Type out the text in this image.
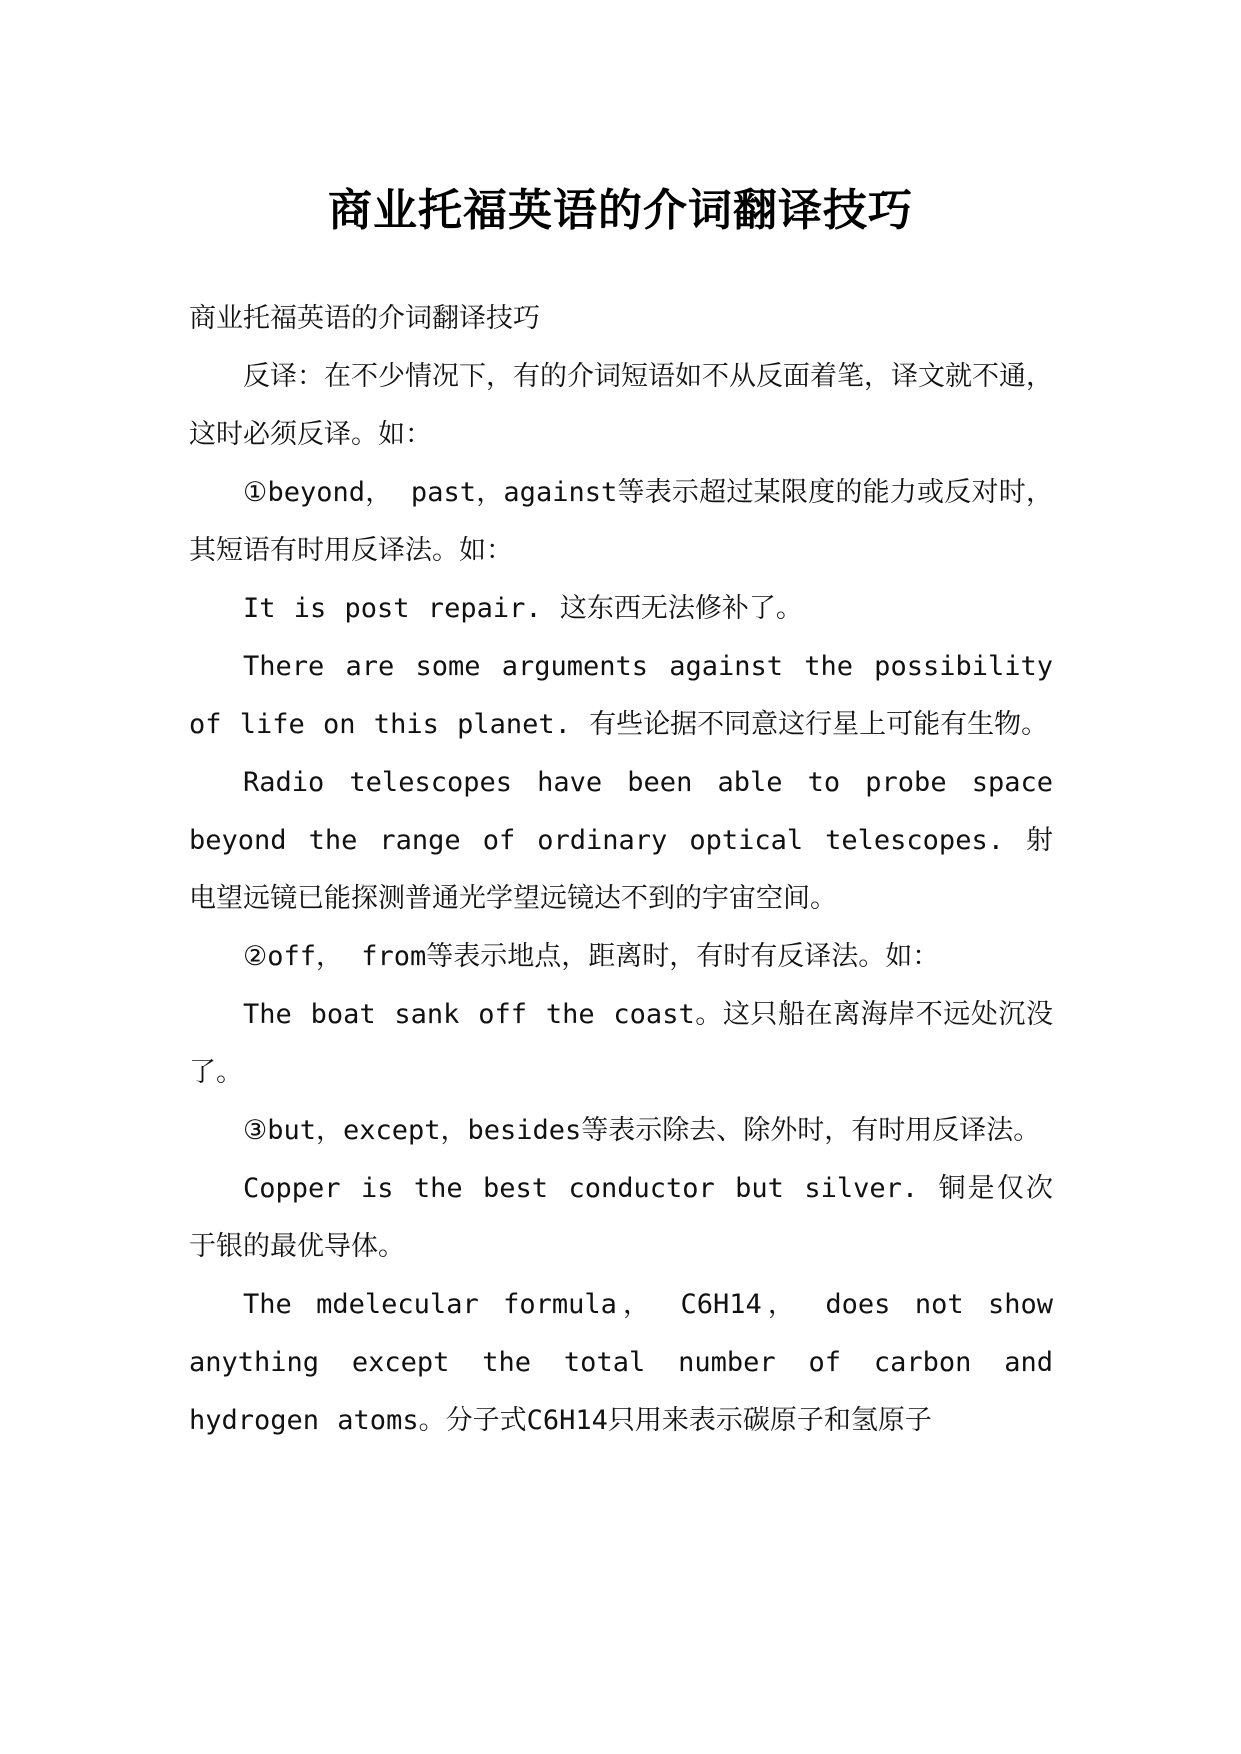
商业托福英语的介词翻译技巧

商业托福英语的介词翻译技巧

反译：在不少情况下，有的介词短语如不从反面着笔，译文就不通，这时必须反译。如：

①beyond， past，against等表示超过某限度的能力或反对时，其短语有时用反译法。如：

It is post repair. 这东西无法修补了。

There are some arguments against the possibility of life on this planet. 有些论据不同意这行星上可能有生物。

Radio telescopes have been able to probe space beyond the range of ordinary optical telescopes. 射电望远镜已能探测普通光学望远镜达不到的宇宙空间。

②off， from等表示地点，距离时，有时有反译法。如：

The boat sank off the coast。这只船在离海岸不远处沉没了。

③but，except，besides等表示除去、除外时，有时用反译法。

Copper is the best conductor but silver. 铜是仅次于银的最优导体。

The mdelecular formula， C6H14， does not show anything except the total number of carbon and hydrogen atoms。分子式C6H14只用来表示碳原子和氢原子
